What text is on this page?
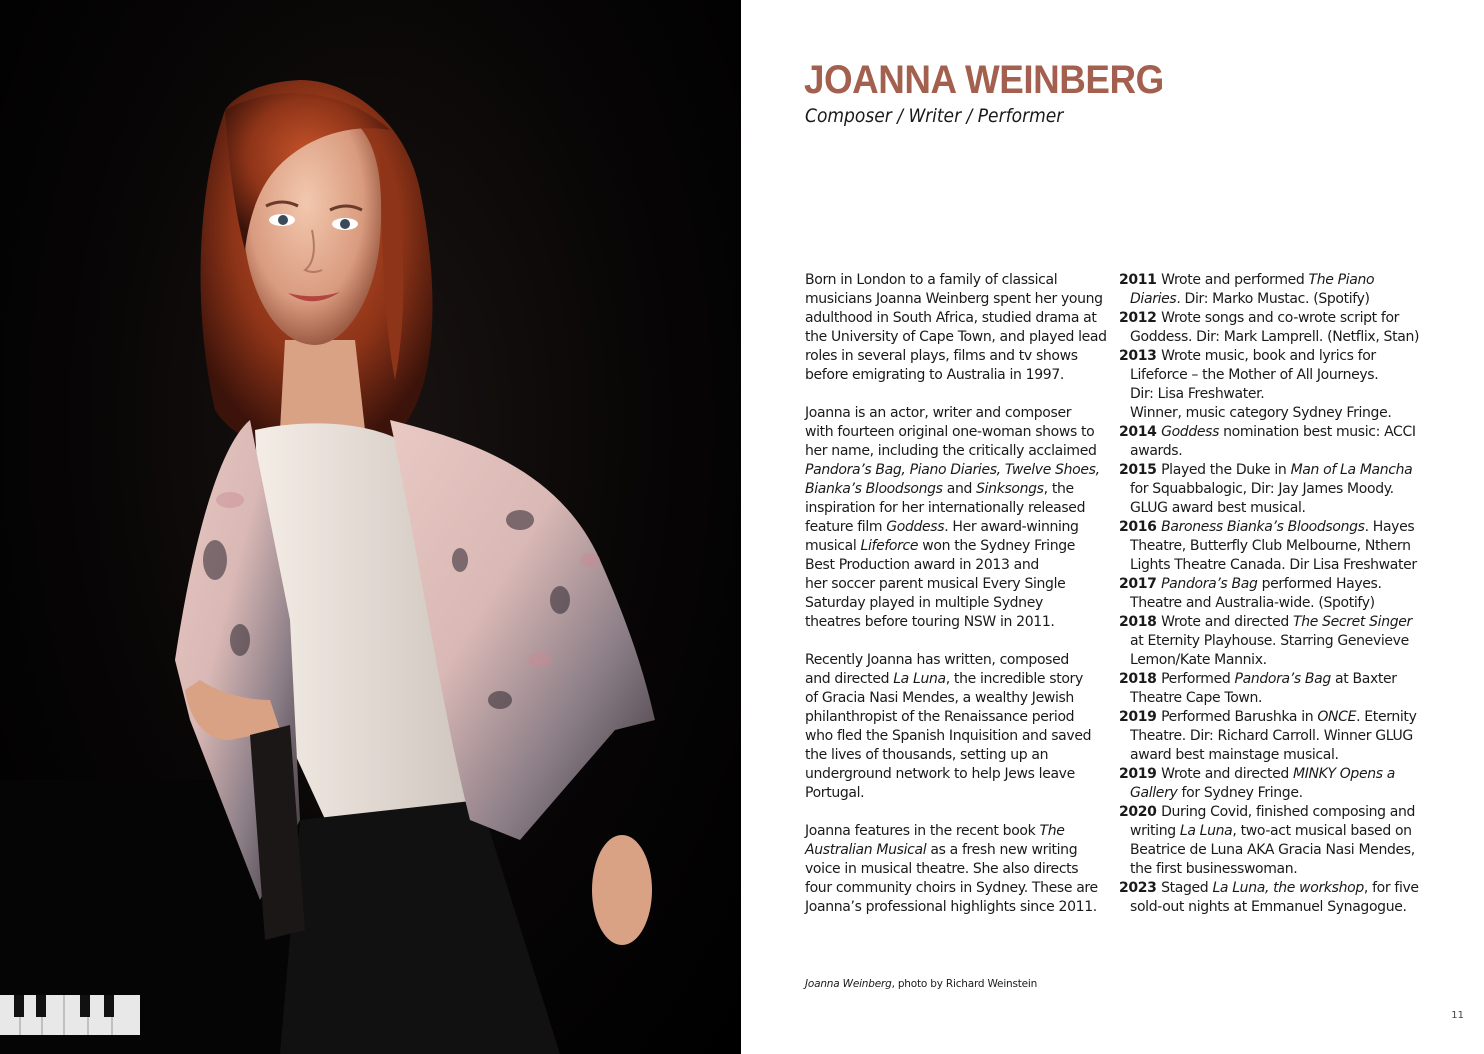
JOANNA WEINBERG
Composer / Writer / Performer

Born in London to a family of classical
musicians Joanna Weinberg spent her young
adulthood in South Africa, studied drama at
the University of Cape Town, and played lead
roles in several plays, films and tv shows
before emigrating to Australia in 1997.

Joanna is an actor, writer and composer
with fourteen original one-woman shows to
her name, including the critically acclaimed
Pandora’s Bag, Piano Diaries, Twelve Shoes,
Bianka’s Bloodsongs and Sinksongs, the
inspiration for her internationally released
feature film Goddess. Her award-winning
musical Lifeforce won the Sydney Fringe
Best Production award in 2013 and
her soccer parent musical Every Single
Saturday played in multiple Sydney
theatres before touring NSW in 2011.

Recently Joanna has written, composed
and directed La Luna, the incredible story
of Gracia Nasi Mendes, a wealthy Jewish
philanthropist of the Renaissance period
who fled the Spanish Inquisition and saved
the lives of thousands, setting up an
underground network to help Jews leave
Portugal.

Joanna features in the recent book The
Australian Musical as a fresh new writing
voice in musical theatre. She also directs
four community choirs in Sydney. These are
Joanna’s professional highlights since 2011.

2011 Wrote and performed The Piano
Diaries. Dir: Marko Mustac. (Spotify)
2012 Wrote songs and co-wrote script for
Goddess. Dir: Mark Lamprell. (Netflix, Stan)
2013 Wrote music, book and lyrics for
Lifeforce – the Mother of All Journeys.
Dir: Lisa Freshwater.
Winner, music category Sydney Fringe.
2014 Goddess nomination best music: ACCI
awards.
2015 Played the Duke in Man of La Mancha
for Squabbalogic, Dir: Jay James Moody.
GLUG award best musical.
2016 Baroness Bianka’s Bloodsongs. Hayes
Theatre, Butterfly Club Melbourne, Nthern
Lights Theatre Canada. Dir Lisa Freshwater
2017 Pandora’s Bag performed Hayes.
Theatre and Australia-wide. (Spotify)
2018 Wrote and directed The Secret Singer
at Eternity Playhouse. Starring Genevieve
Lemon/Kate Mannix.
2018 Performed Pandora’s Bag at Baxter
Theatre Cape Town.
2019 Performed Barushka in ONCE. Eternity
Theatre. Dir: Richard Carroll. Winner GLUG
award best mainstage musical.
2019 Wrote and directed MINKY Opens a
Gallery for Sydney Fringe.
2020 During Covid, finished composing and
writing La Luna, two-act musical based on
Beatrice de Luna AKA Gracia Nasi Mendes,
the first businesswoman.
2023 Staged La Luna, the workshop, for five
sold-out nights at Emmanuel Synagogue.
Joanna Weinberg, photo by Richard Weinstein
11
